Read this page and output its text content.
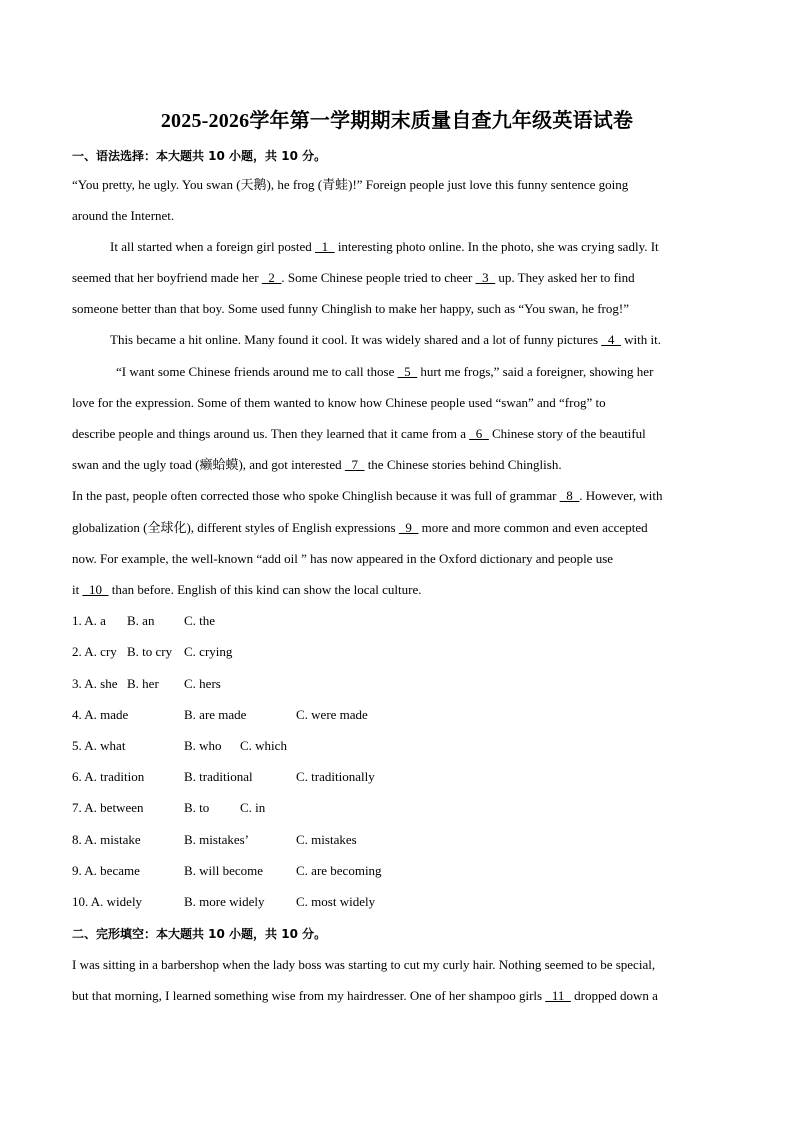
2025-2026学年第一学期期末质量自查九年级英语试卷
一、语法选择：本大题共 10 小题，共 10 分。
“You pretty, he ugly. You swan (天鹅), he frog (青蛙)!” Foreign people just love this funny sentence going
around the Internet.
It all started when a foreign girl posted _1_ interesting photo online. In the photo, she was crying sadly. It
seemed that her boyfriend made her _2_. Some Chinese people tried to cheer _3_ up. They asked her to find
someone better than that boy. Some used funny Chinglish to make her happy, such as “You swan, he frog!”
This became a hit online. Many found it cool. It was widely shared and a lot of funny pictures _4_ with it.
“I want some Chinese friends around me to call those _5_ hurt me frogs,” said a foreigner, showing her
love for the expression. Some of them wanted to know how Chinese people used “swan” and “frog” to
describe people and things around us. Then they learned that it came from a _6_ Chinese story of the beautiful
swan and the ugly toad (癞蛤蟆), and got interested _7_ the Chinese stories behind Chinglish.
In the past, people often corrected those who spoke Chinglish because it was full of grammar _8_. However, with
globalization (全球化), different styles of English expressions _9_ more and more common and even accepted
now. For example, the well-known “add oil ” has now appeared in the Oxford dictionary and people use
it _10_ than before. English of this kind can show the local culture.
1. A. a B. an C. the
2. A. cry B. to cry C. crying
3. A. she B. her C. hers
4. A. made	B. are made	C. were made
5. A. what	B. who C. which
6. A. tradition	B. traditional	C. traditionally
7. A. between	B. to C. in
8. A. mistake	B. mistakes’	C. mistakes
9. A. became	B. will become	C. are becoming
10. A. widely	B. more widely C. most widely
二、完形填空：本大题共 10 小题，共 10 分。
I was sitting in a barbershop when the lady boss was starting to cut my curly hair. Nothing seemed to be special,
but that morning, I learned something wise from my hairdresser. One of her shampoo girls _11_ dropped down a
